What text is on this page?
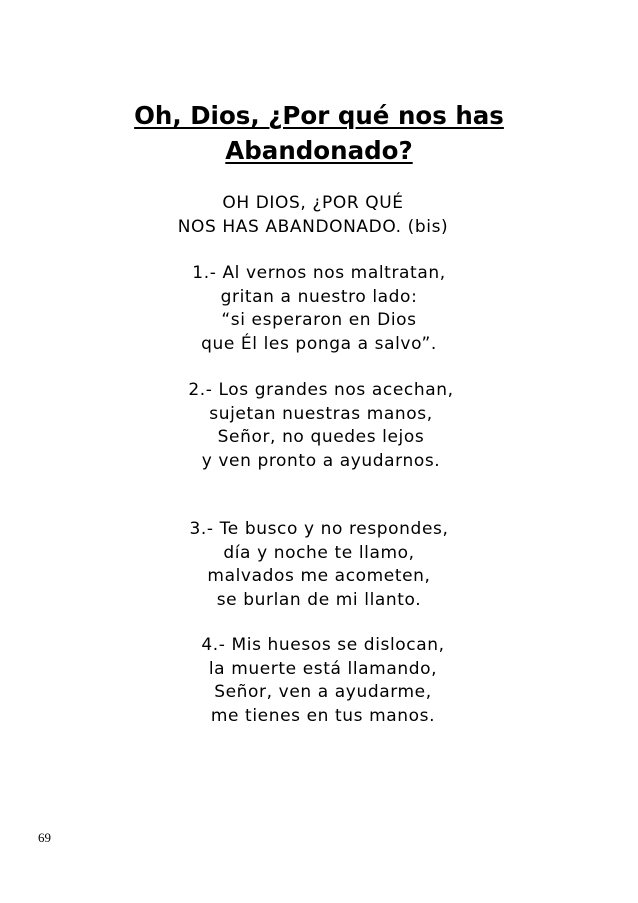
Oh, Dios, ¿Por qué nos has
Abandonado?
OH DIOS, ¿POR QUÉ
NOS HAS ABANDONADO. (bis)
1.- Al vernos nos maltratan,
gritan a nuestro lado:
“si esperaron en Dios
que Él les ponga a salvo”.
2.- Los grandes nos acechan,
sujetan nuestras manos,
Señor, no quedes lejos
y ven pronto a ayudarnos.
3.- Te busco y no respondes,
día y noche te llamo,
malvados me acometen,
se burlan de mi llanto.
4.- Mis huesos se dislocan,
la muerte está llamando,
Señor, ven a ayudarme,
me tienes en tus manos.
69
